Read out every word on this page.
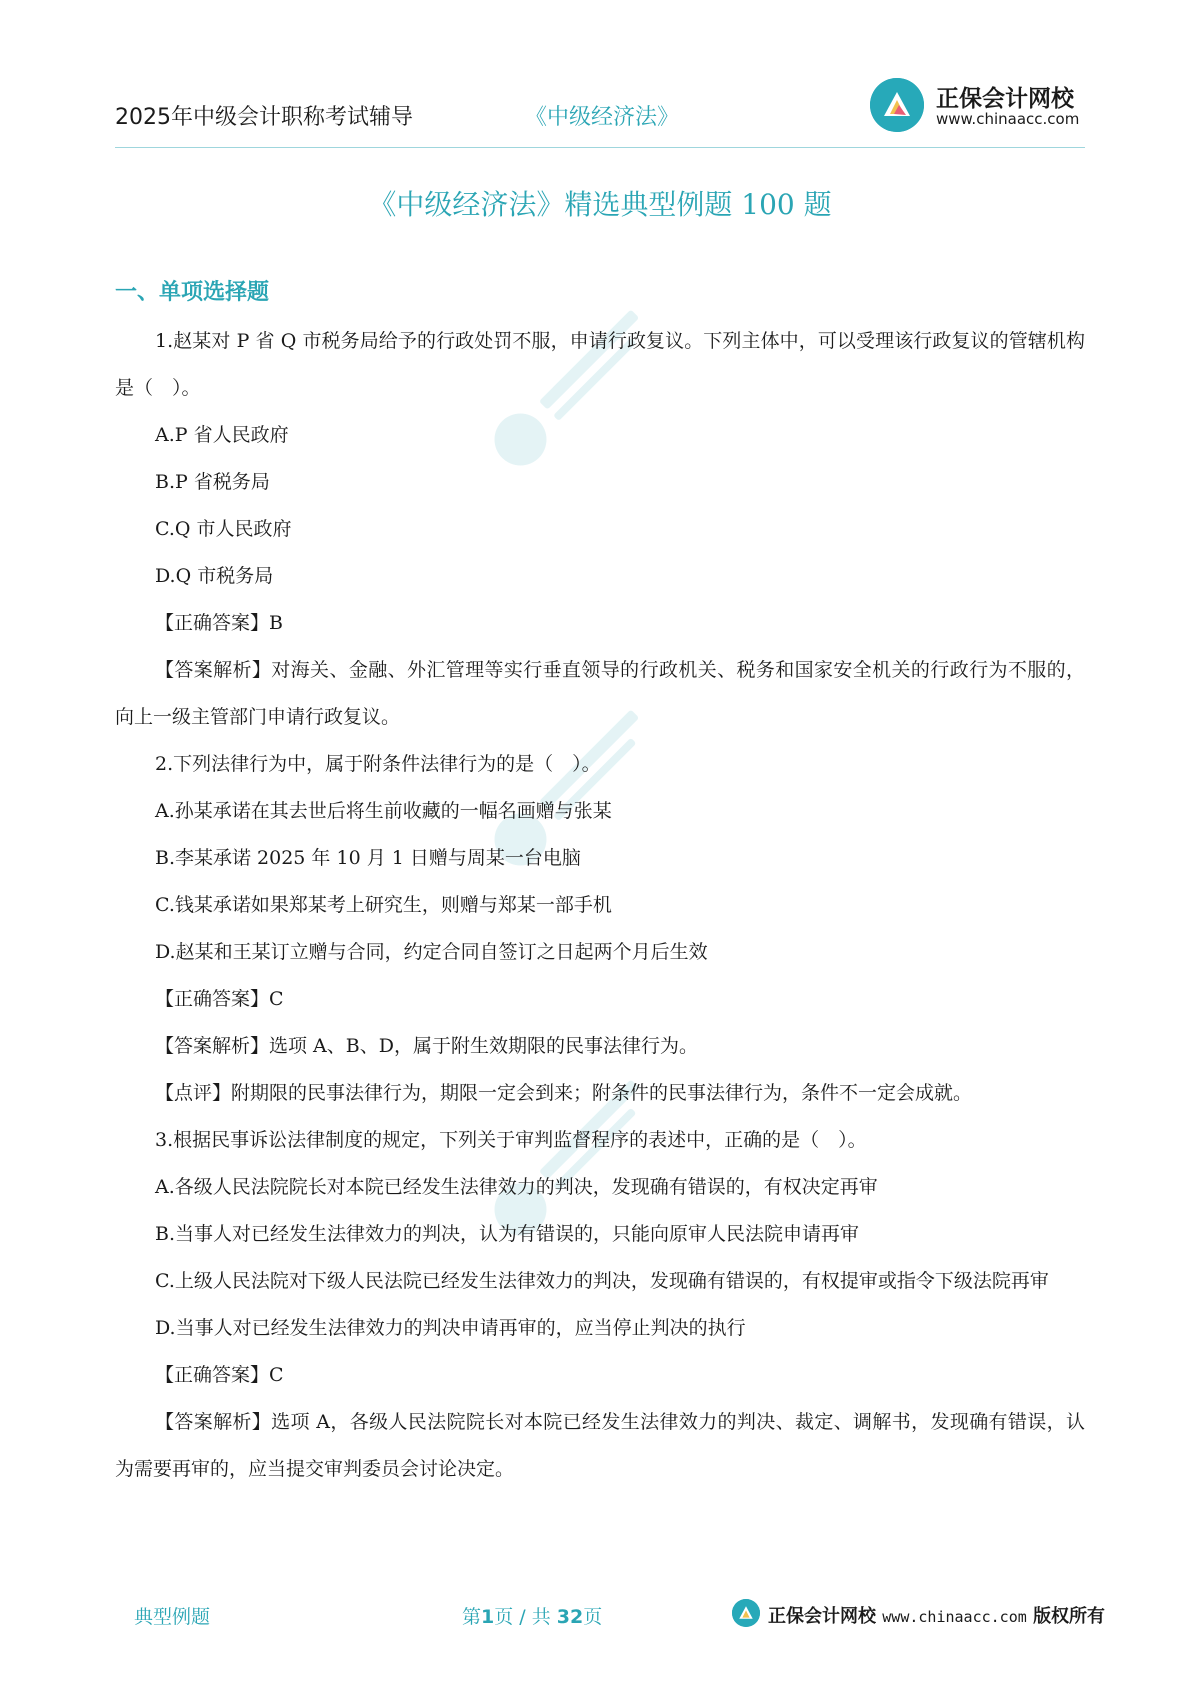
2025年中级会计职称考试辅导	《中级经济法》
正保会计网校
www.chinaacc.com
《中级经济法》精选典型例题 100 题
一、单项选择题

1.赵某对 P 省 Q 市税务局给予的行政处罚不服，申请行政复议。下列主体中，可以受理该行政复议的管辖机构是（　）。

A.P 省人民政府

B.P 省税务局

C.Q 市人民政府

D.Q 市税务局

【正确答案】B

【答案解析】对海关、金融、外汇管理等实行垂直领导的行政机关、税务和国家安全机关的行政行为不服的，向上一级主管部门申请行政复议。

2.下列法律行为中，属于附条件法律行为的是（　）。

A.孙某承诺在其去世后将生前收藏的一幅名画赠与张某

B.李某承诺 2025 年 10 月 1 日赠与周某一台电脑

C.钱某承诺如果郑某考上研究生，则赠与郑某一部手机

D.赵某和王某订立赠与合同，约定合同自签订之日起两个月后生效

【正确答案】C

【答案解析】选项 A、B、D，属于附生效期限的民事法律行为。

【点评】附期限的民事法律行为，期限一定会到来；附条件的民事法律行为，条件不一定会成就。

3.根据民事诉讼法律制度的规定，下列关于审判监督程序的表述中，正确的是（　）。

A.各级人民法院院长对本院已经发生法律效力的判决，发现确有错误的，有权决定再审

B.当事人对已经发生法律效力的判决，认为有错误的，只能向原审人民法院申请再审

C.上级人民法院对下级人民法院已经发生法律效力的判决，发现确有错误的，有权提审或指令下级法院再审

D.当事人对已经发生法律效力的判决申请再审的，应当停止判决的执行

【正确答案】C

【答案解析】选项 A，各级人民法院院长对本院已经发生法律效力的判决、裁定、调解书，发现确有错误，认为需要再审的，应当提交审判委员会讨论决定。

典型例题	第1页 / 共 32页	正保会计网校 www.chinaacc.com 版权所有
